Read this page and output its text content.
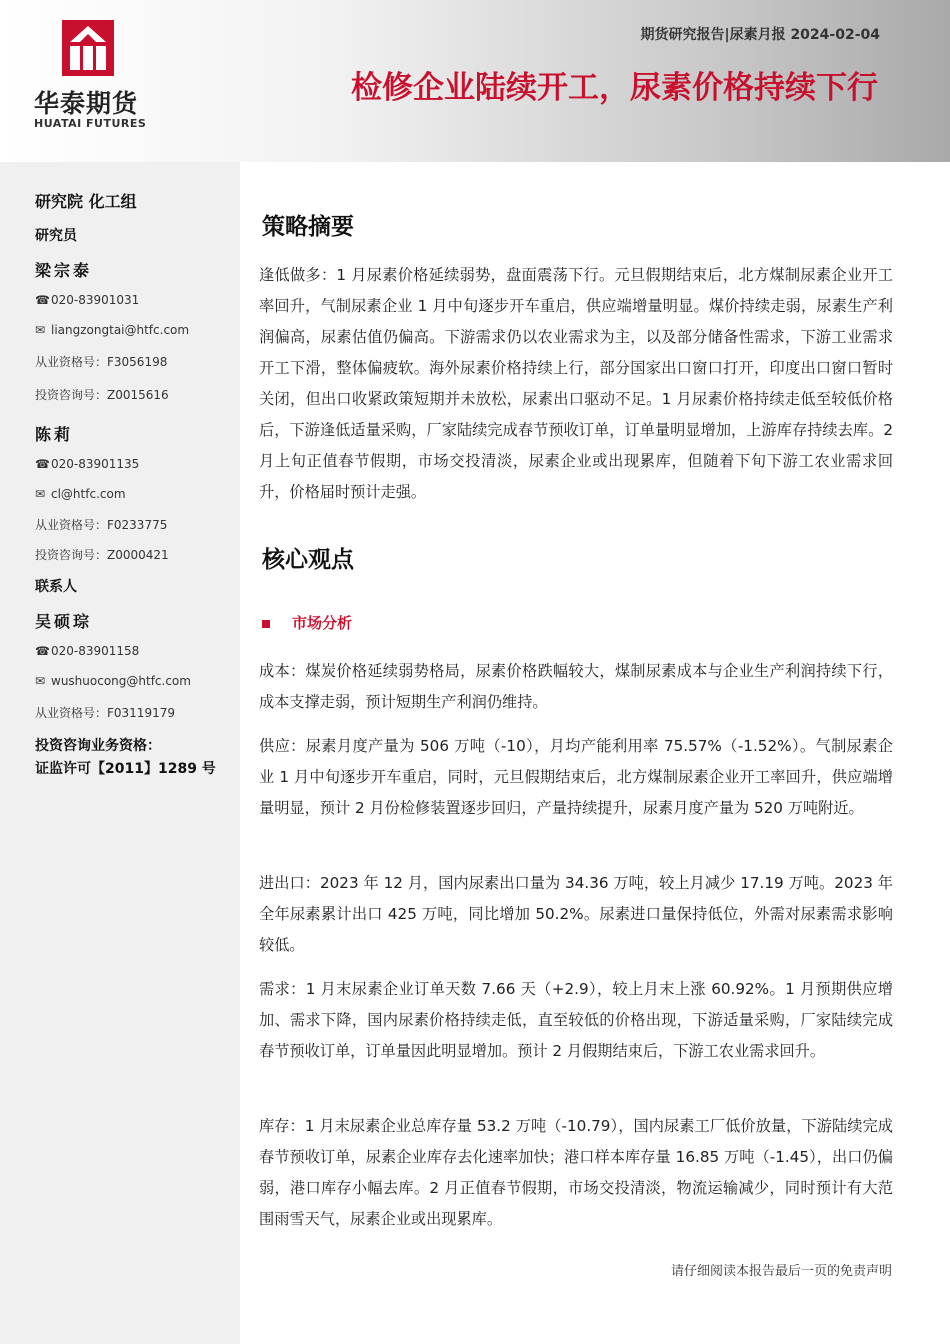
华泰期货
HUATAI FUTURES
期货研究报告|尿素月报 2024-02-04
检修企业陆续开工，尿素价格持续下行
研究院 化工组
研究员
梁宗泰
☎020-83901031
✉ liangzongtai@htfc.com
从业资格号：F3056198
投资咨询号：Z0015616
陈莉
☎020-83901135
✉ cl@htfc.com
从业资格号：F0233775
投资咨询号：Z0000421
联系人
吴硕琮
☎020-83901158
✉ wushuocong@htfc.com
从业资格号：F03119179
投资咨询业务资格：
证监许可【2011】1289 号
策略摘要
逢低做多：1 月尿素价格延续弱势，盘面震荡下行。元旦假期结束后，北方煤制尿素企业开工率回升，气制尿素企业 1 月中旬逐步开车重启，供应端增量明显。煤价持续走弱，尿素生产利润偏高，尿素估值仍偏高。下游需求仍以农业需求为主，以及部分储备性需求，下游工业需求开工下滑，整体偏疲软。海外尿素价格持续上行，部分国家出口窗口打开，印度出口窗口暂时关闭，但出口收紧政策短期并未放松，尿素出口驱动不足。1 月尿素价格持续走低至较低价格后，下游逢低适量采购，厂家陆续完成春节预收订单，订单量明显增加，上游库存持续去库。2 月上旬正值春节假期，市场交投清淡，尿素企业或出现累库，但随着下旬下游工农业需求回升，价格届时预计走强。
核心观点
市场分析
成本：煤炭价格延续弱势格局，尿素价格跌幅较大，煤制尿素成本与企业生产利润持续下行，成本支撑走弱，预计短期生产利润仍维持。
供应：尿素月度产量为 506 万吨（-10），月均产能利用率 75.57%（-1.52%）。气制尿素企业 1 月中旬逐步开车重启，同时，元旦假期结束后，北方煤制尿素企业开工率回升，供应端增量明显，预计 2 月份检修装置逐步回归，产量持续提升，尿素月度产量为 520 万吨附近。
进出口：2023 年 12 月，国内尿素出口量为 34.36 万吨，较上月减少 17.19 万吨。2023 年全年尿素累计出口 425 万吨，同比增加 50.2%。尿素进口量保持低位，外需对尿素需求影响较低。
需求：1 月末尿素企业订单天数 7.66 天（+2.9），较上月末上涨 60.92%。1 月预期供应增加、需求下降，国内尿素价格持续走低，直至较低的价格出现，下游适量采购，厂家陆续完成春节预收订单，订单量因此明显增加。预计 2 月假期结束后，下游工农业需求回升。
库存：1 月末尿素企业总库存量 53.2 万吨（-10.79），国内尿素工厂低价放量，下游陆续完成春节预收订单，尿素企业库存去化速率加快；港口样本库存量 16.85 万吨（-1.45），出口仍偏弱，港口库存小幅去库。2 月正值春节假期，市场交投清淡，物流运输减少，同时预计有大范围雨雪天气，尿素企业或出现累库。
请仔细阅读本报告最后一页的免责声明
